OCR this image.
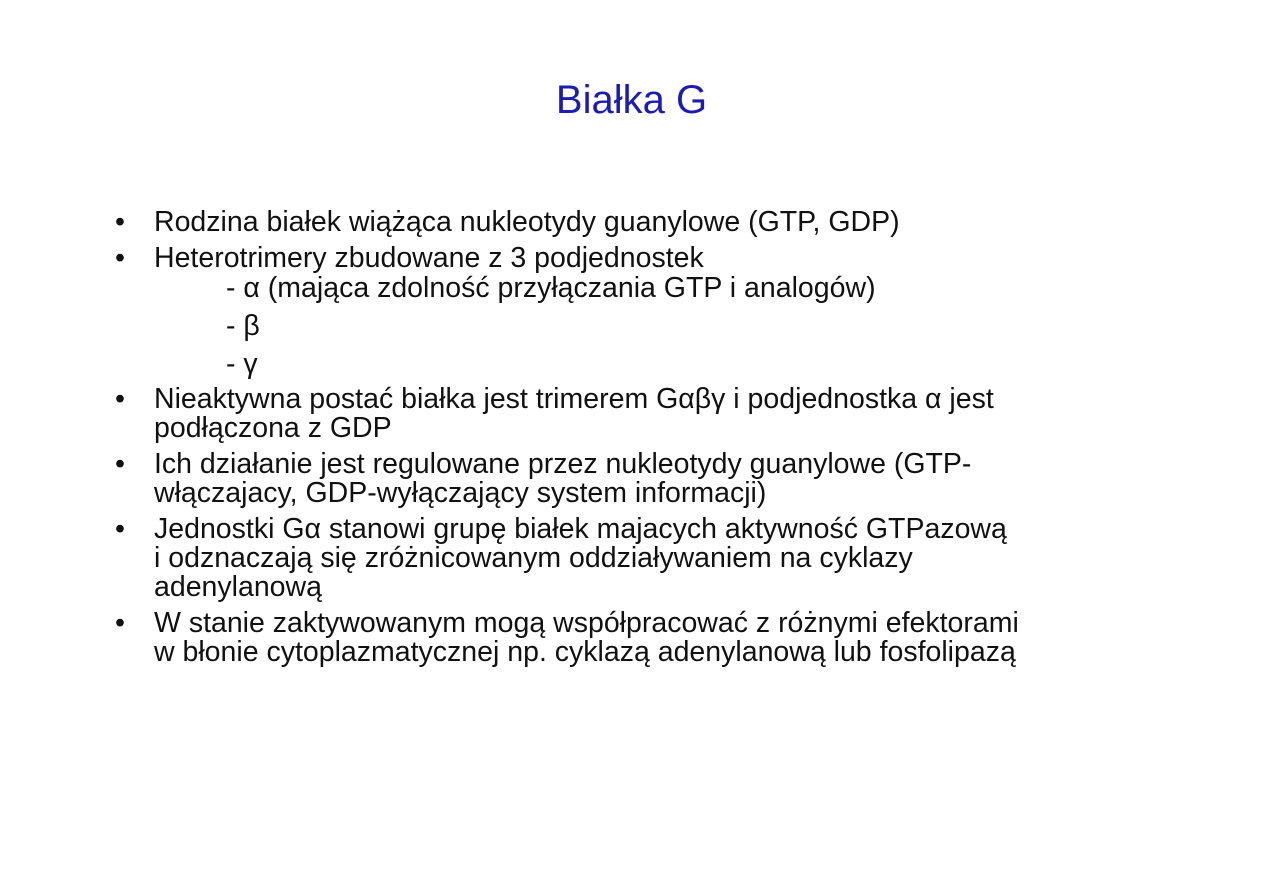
Białka G
• Rodzina białek wiążąca nukleotydy guanylowe (GTP, GDP)
• Heterotrimery zbudowane z 3 podjednostek
- α (mająca zdolność przyłączania GTP i analogów)
- β
- γ
• Nieaktywna postać białka jest trimerem Gαβγ i podjednostka α jest
podłączona z GDP
• Ich działanie jest regulowane przez nukleotydy guanylowe (GTP-
włączajacy, GDP-wyłączający system informacji)
• Jednostki Gα stanowi grupę białek majacych aktywność GTPazową
i odznaczają się zróżnicowanym oddziaływaniem na cyklazy
adenylanową
• W stanie zaktywowanym mogą współpracować z różnymi efektorami
w błonie cytoplazmatycznej np. cyklazą adenylanową lub fosfolipazą
